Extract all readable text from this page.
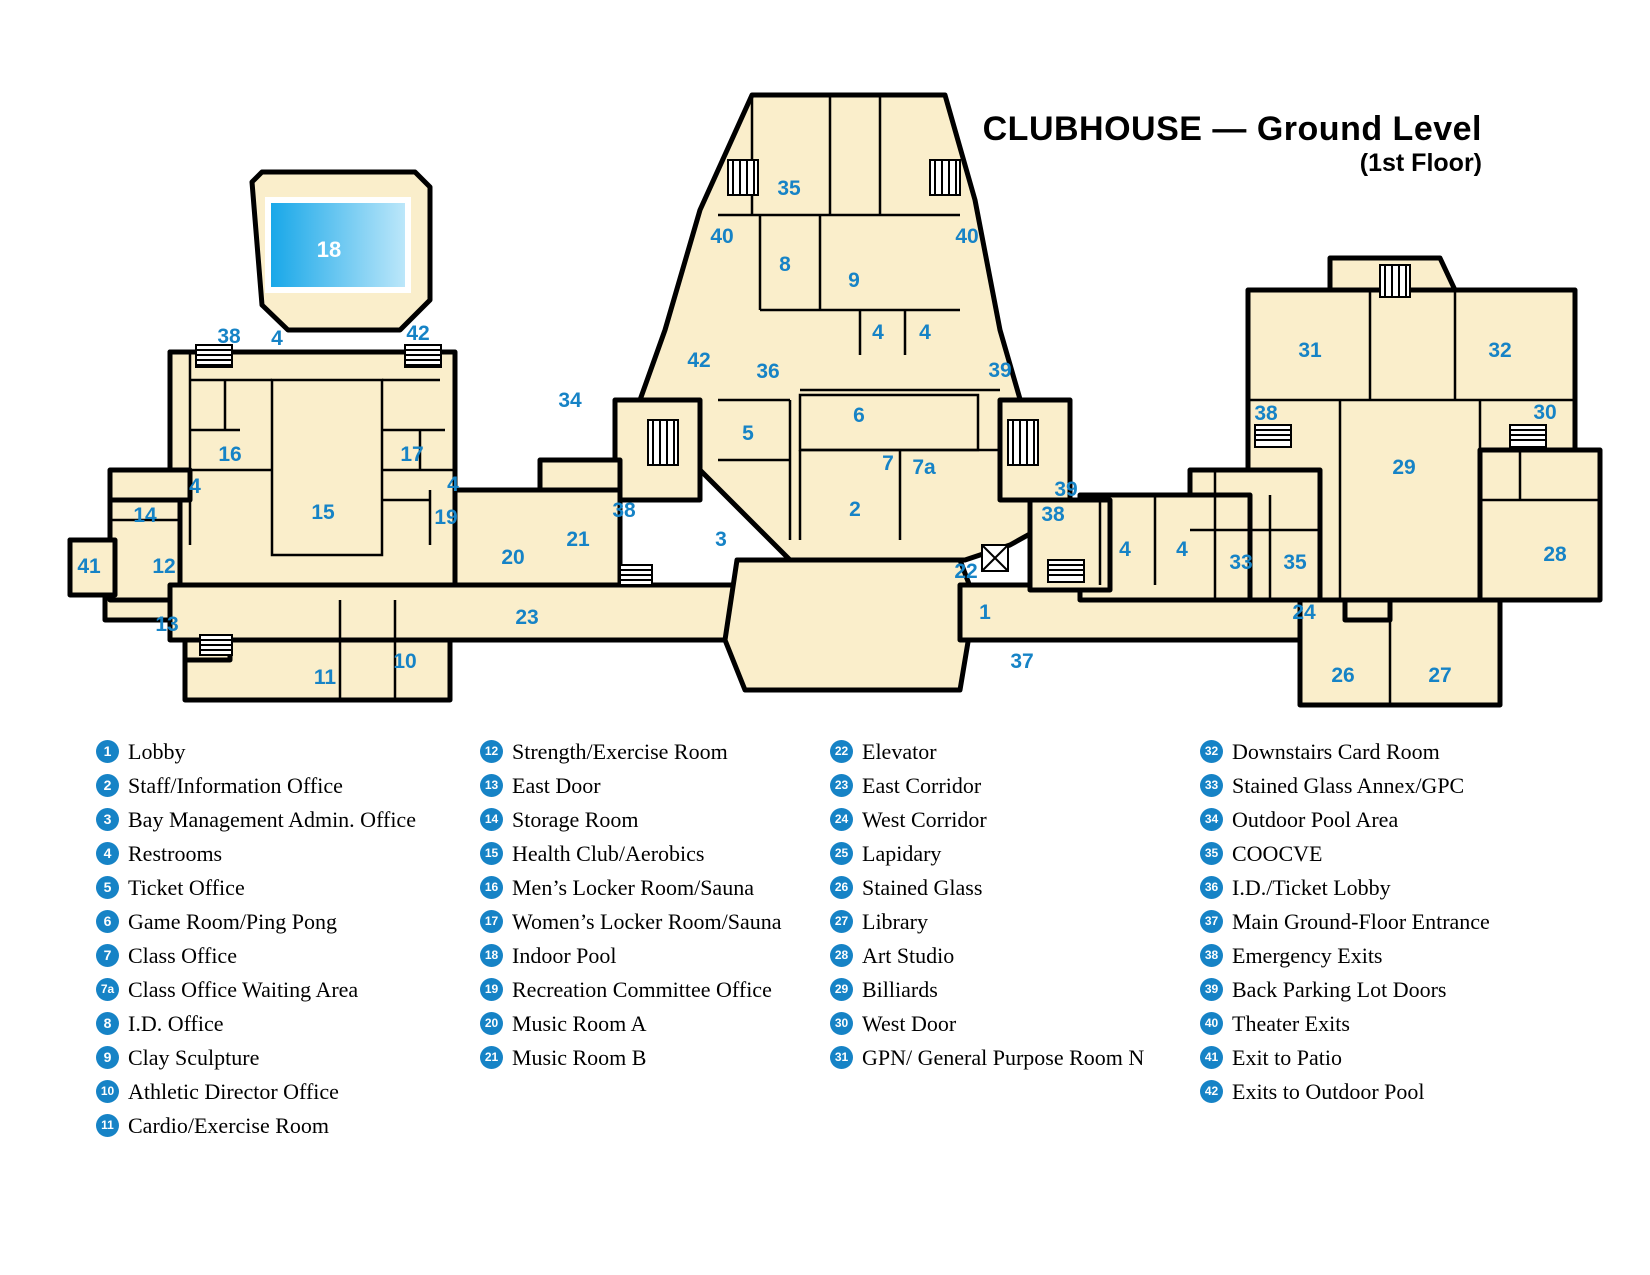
CLUBHOUSE — Ground Level
(1st Floor)
18
35
40	40
8
9
4 4
42 36	39
6
5
7 7a
2
39
38
3
38
22
1
37
34
38 4	42
16	17
4	4
15	19
14
41 12	20
21
13	23
11
10
31	32
38	30
29
28
4 4
33 35
24
26	27
1 Lobby
2 Staff/Information Office
3 Bay Management Admin. Office
4 Restrooms
5 Ticket Office
6 Game Room/Ping Pong
7 Class Office
7a Class Office Waiting Area
8 I.D. Office
9 Clay Sculpture
10 Athletic Director Office
11 Cardio/Exercise Room
12 Strength/Exercise Room
13 East Door
14 Storage Room
15 Health Club/Aerobics
16 Men’s Locker Room/Sauna
17 Women’s Locker Room/Sauna
18 Indoor Pool
19 Recreation Committee Office
20 Music Room A
21 Music Room B
22 Elevator
23 East Corridor
24 West Corridor
25 Lapidary
26 Stained Glass
27 Library
28 Art Studio
29 Billiards
30 West Door
31 GPN/ General Purpose Room N
32 Downstairs Card Room
33 Stained Glass Annex/GPC
34 Outdoor Pool Area
35 COOCVE
36 I.D./Ticket Lobby
37 Main Ground-Floor Entrance
38 Emergency Exits
39 Back Parking Lot Doors
40 Theater Exits
41 Exit to Patio
42 Exits to Outdoor Pool
